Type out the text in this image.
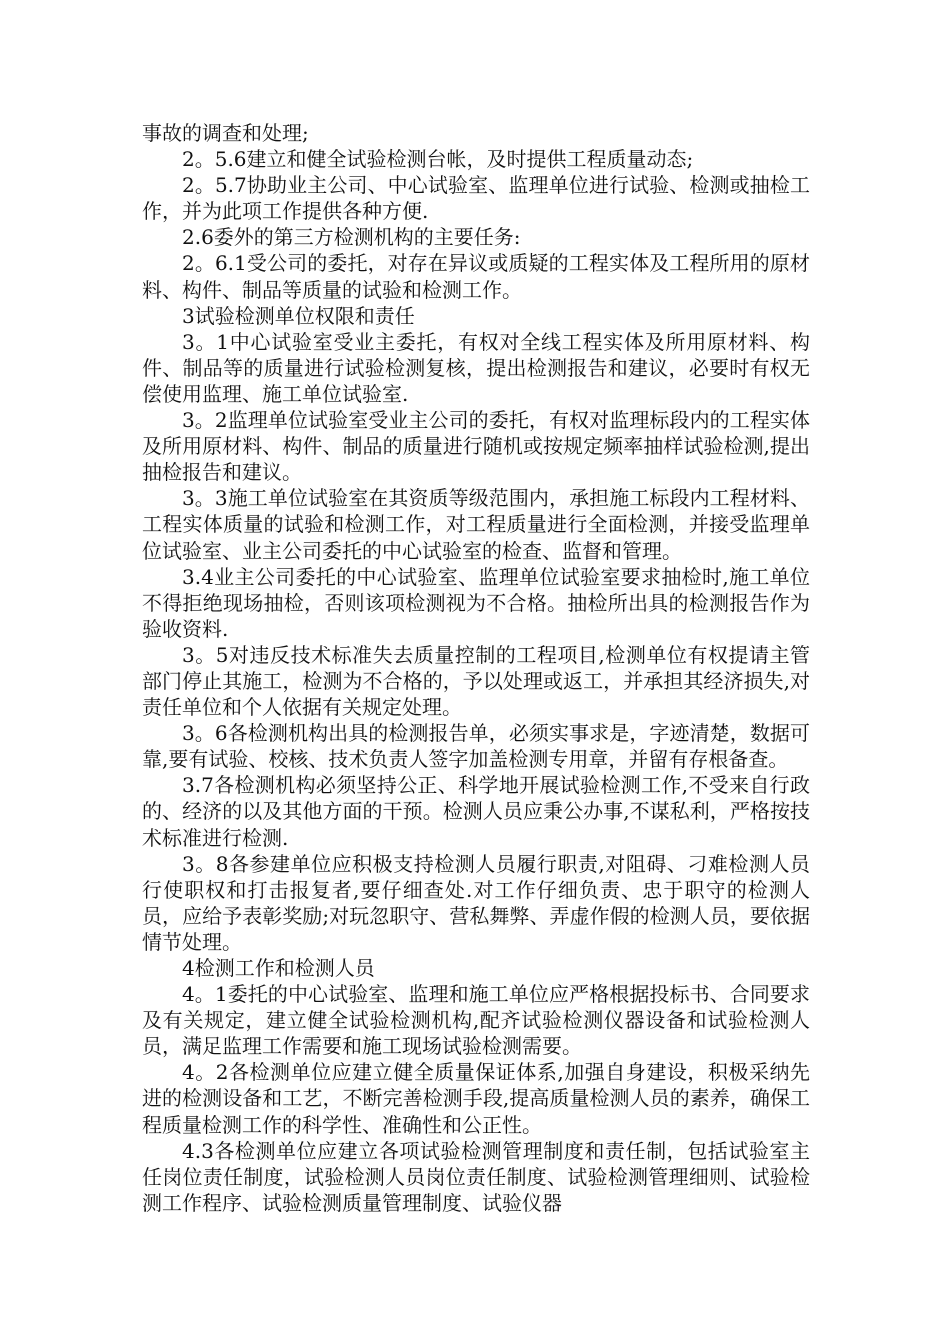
事故的调查和处理;

2。5.6建立和健全试验检测台帐，及时提供工程质量动态;

2。5.7协助业主公司、中心试验室、监理单位进行试验、检测或抽检工作，并为此项工作提供各种方便.

2.6委外的第三方检测机构的主要任务:

2。6.1受公司的委托，对存在异议或质疑的工程实体及工程所用的原材料、构件、制品等质量的试验和检测工作。

3试验检测单位权限和责任

3。1中心试验室受业主委托，有权对全线工程实体及所用原材料、构件、制品等的质量进行试验检测复核，提出检测报告和建议，必要时有权无偿使用监理、施工单位试验室.

3。2监理单位试验室受业主公司的委托，有权对监理标段内的工程实体及所用原材料、构件、制品的质量进行随机或按规定频率抽样试验检测,提出抽检报告和建议。

3。3施工单位试验室在其资质等级范围内，承担施工标段内工程材料、工程实体质量的试验和检测工作，对工程质量进行全面检测，并接受监理单位试验室、业主公司委托的中心试验室的检查、监督和管理。

3.4业主公司委托的中心试验室、监理单位试验室要求抽检时,施工单位不得拒绝现场抽检，否则该项检测视为不合格。抽检所出具的检测报告作为验收资料.

3。5对违反技术标准失去质量控制的工程项目,检测单位有权提请主管部门停止其施工，检测为不合格的，予以处理或返工，并承担其经济损失,对责任单位和个人依据有关规定处理。

3。6各检测机构出具的检测报告单，必须实事求是，字迹清楚，数据可靠,要有试验、校核、技术负责人签字加盖检测专用章，并留有存根备查。

3.7各检测机构必须坚持公正、科学地开展试验检测工作,不受来自行政的、经济的以及其他方面的干预。检测人员应秉公办事,不谋私利，严格按技术标准进行检测.

3。8各参建单位应积极支持检测人员履行职责,对阻碍、刁难检测人员行使职权和打击报复者,要仔细查处.对工作仔细负责、忠于职守的检测人员，应给予表彰奖励;对玩忽职守、营私舞弊、弄虚作假的检测人员，要依据情节处理。

4检测工作和检测人员

4。1委托的中心试验室、监理和施工单位应严格根据投标书、合同要求及有关规定，建立健全试验检测机构,配齐试验检测仪器设备和试验检测人员，满足监理工作需要和施工现场试验检测需要。

4。2各检测单位应建立健全质量保证体系,加强自身建设，积极采纳先进的检测设备和工艺，不断完善检测手段,提高质量检测人员的素养，确保工程质量检测工作的科学性、准确性和公正性。

4.3各检测单位应建立各项试验检测管理制度和责任制，包括试验室主任岗位责任制度，试验检测人员岗位责任制度、试验检测管理细则、试验检测工作程序、试验检测质量管理制度、试验仪器
